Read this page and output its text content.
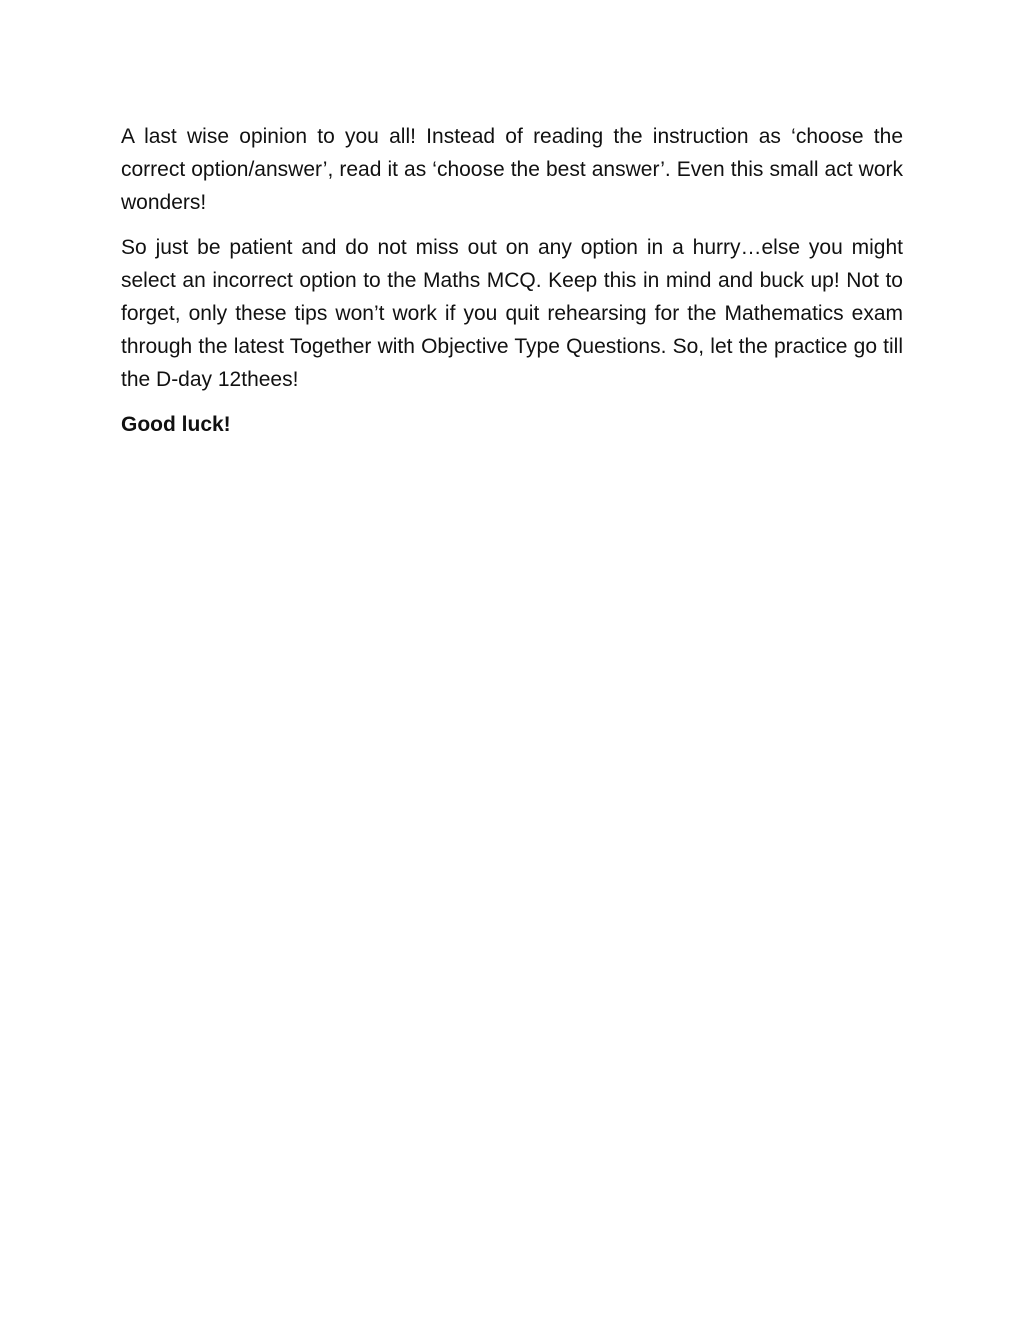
A last wise opinion to you all! Instead of reading the instruction as ‘choose the correct option/answer’, read it as ‘choose the best answer’. Even this small act work wonders!

So just be patient and do not miss out on any option in a hurry…else you might select an incorrect option to the Maths MCQ. Keep this in mind and buck up! Not to forget, only these tips won’t work if you quit rehearsing for the Mathematics exam through the latest Together with Objective Type Questions. So, let the practice go till the D-day 12thees!

Good luck!
